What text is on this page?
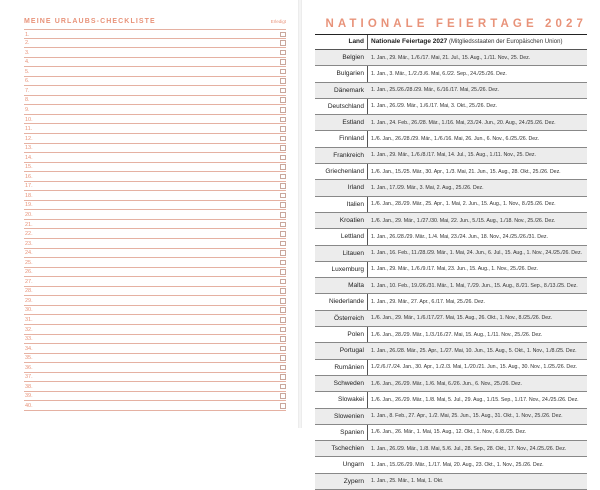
MEINE URLAUBS-CHECKLISTE	Erledigt
1.
2.
3.
4.
5.
6.
7.
8.
9.
10.
11.
12.
13.
14.
15.
16.
17.
18.
19.
20.
21.
22.
23.
24.
25.
26.
27.
28.
29.
30.
31.
32.
33.
34.
35.
36.
37.
38.
39.
40.
NATIONALE FEIERTAGE 2027
Land Nationale Feiertage 2027 (Mitgliedsstaaten der Europäischen Union)
Belgien 1. Jan., 29. Mär., 1./6./17. Mai, 21. Jul., 15. Aug., 1./11. Nov., 25. Dez.
Bulgarien 1. Jan., 3. Mär., 1./2./3./6. Mai, 6./22. Sep., 24./25./26. Dez.
Dänemark 1. Jan., 25./26./28./29. Mär., 6./16./17. Mai, 25./26. Dez.
Deutschland 1. Jan., 26./29. Mär., 1./6./17. Mai, 3. Okt., 25./26. Dez.
Estland 1. Jan., 24. Feb., 26./28. Mär., 1./16. Mai, 23./24. Jun., 20. Aug., 24./25./26. Dez.
Finnland 1./6. Jan., 26./28./29. Mär., 1./6./16. Mai, 26. Jun., 6. Nov., 6./25./26. Dez.
Frankreich 1. Jan., 29. Mär., 1./6./8./17. Mai, 14. Jul., 15. Aug., 1./11. Nov., 25. Dez.
Griechenland 1./6. Jan., 15./25. Mär., 30. Apr., 1./3. Mai, 21. Jun., 15. Aug., 28. Okt., 25./26. Dez.
Irland 1. Jan., 17./29. Mär., 3. Mai, 2. Aug., 25./26. Dez.
Italien 1./6. Jan., 28./29. Mär., 25. Apr., 1. Mai, 2. Jun., 15. Aug., 1. Nov., 8./25./26. Dez.
Kroatien 1./6. Jan., 29. Mär., 1./27./30. Mai, 22. Jun., 5./15. Aug., 1./18. Nov., 25./26. Dez.
Lettland 1. Jan., 26./28./29. Mär., 1./4. Mai, 23./24. Jun., 18. Nov., 24./25./26./31. Dez.
Litauen 1. Jan., 16. Feb., 11./28./29. Mär., 1. Mai, 24. Jun., 6. Jul., 15. Aug., 1. Nov., 24./25./26. Dez.
Luxemburg 1. Jan., 29. Mär., 1./6./9./17. Mai, 23. Jun., 15. Aug., 1. Nov., 25./26. Dez.
Malta 1. Jan., 10. Feb., 19./26./31. Mär., 1. Mai, 7./29. Jun., 15. Aug., 8./21. Sep., 8./13./25. Dez.
Niederlande 1. Jan., 29. Mär., 27. Apr., 6./17. Mai, 25./26. Dez.
Österreich 1./6. Jan., 29. Mär., 1./6./17./27. Mai, 15. Aug., 26. Okt., 1. Nov., 8./25./26. Dez.
Polen 1./6. Jan., 28./29. Mär., 1./3./16./27. Mai, 15. Aug., 1./11. Nov., 25./26. Dez.
Portugal 1. Jan., 26./28. Mär., 25. Apr., 1./27. Mai, 10. Jun., 15. Aug., 5. Okt., 1. Nov., 1./8./25. Dez.
Rumänien 1./2./6./7./24. Jan., 30. Apr., 1./2./3. Mai, 1./20./21. Jun., 15. Aug., 30. Nov., 1./25./26. Dez.
Schweden 1./6. Jan., 26./29. Mär., 1./6. Mai, 6./26. Jun., 6. Nov., 25./26. Dez.
Slowakei 1./6. Jan., 26./29. Mär., 1./8. Mai, 5. Jul., 29. Aug., 1./15. Sep., 1./17. Nov., 24./25./26. Dez.
Slowenien 1. Jan., 8. Feb., 27. Apr., 1./2. Mai, 25. Jun., 15. Aug., 31. Okt., 1. Nov., 25./26. Dez.
Spanien 1./6. Jan., 26. Mär., 1. Mai, 15. Aug., 12. Okt., 1. Nov., 6./8./25. Dez.
Tschechien 1. Jan., 26./29. Mär., 1./8. Mai, 5./6. Jul., 28. Sep., 28. Okt., 17. Nov., 24./25./26. Dez.
Ungarn 1. Jan., 15./26./29. Mär., 1./17. Mai, 20. Aug., 23. Okt., 1. Nov., 25./26. Dez.
Zypern 1. Jan., 25. Mär., 1. Mai, 1. Okt.
